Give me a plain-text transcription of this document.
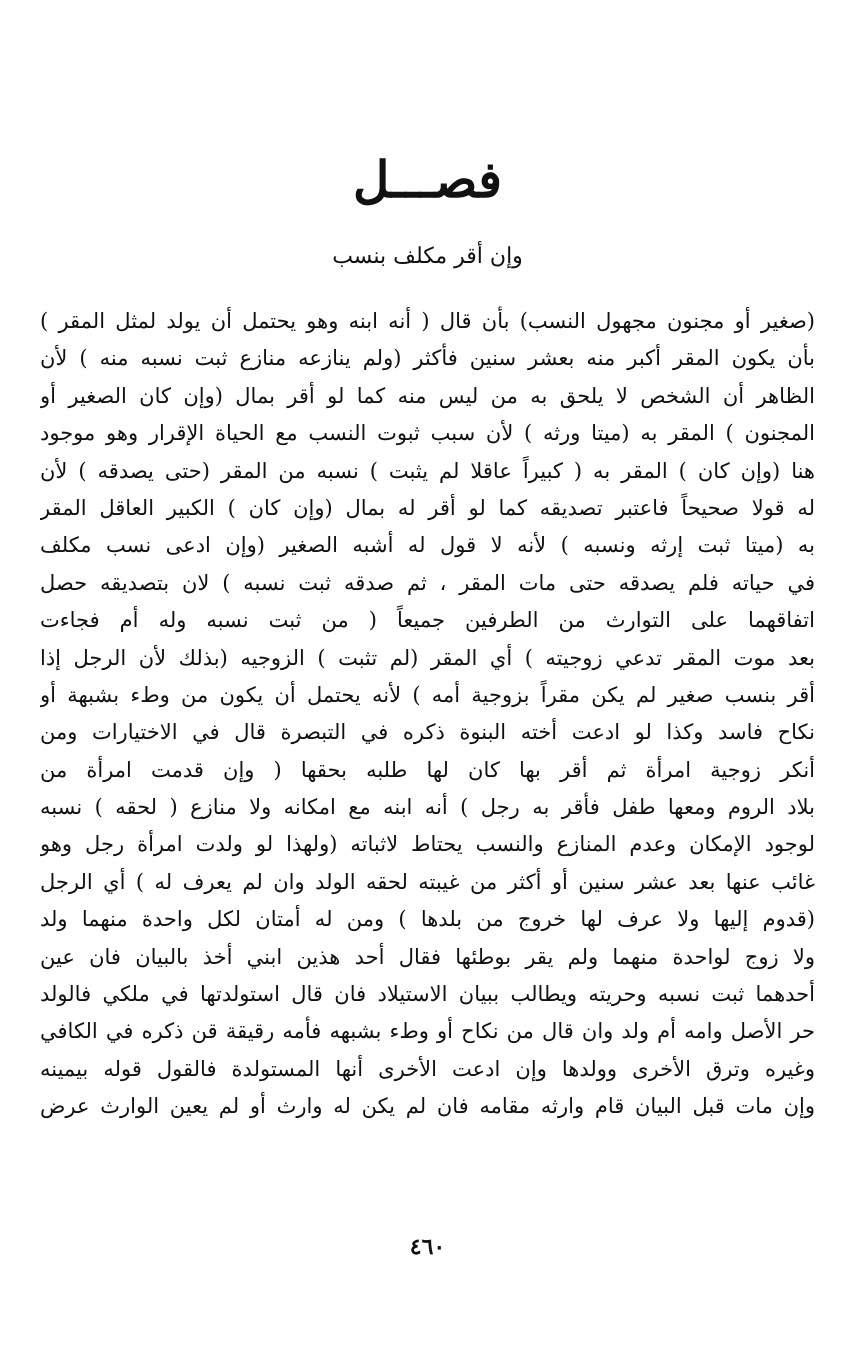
فصـــل
وإن أقر مكلف بنسب
(صغير أو مجنون مجهول النسب) بأن قال ( أنه ابنه وهو يحتمل أن يولد لمثل المقر )
بأن يكون المقر أكبر منه بعشر سنين فأكثر (ولم ينازعه منازع ثبت نسبه منه ) لأن
الظاهر أن الشخص لا يلحق به من ليس منه كما لو أقر بمال (وإن كان الصغير أو
المجنون ) المقر به (ميتا ورثه ) لأن سبب ثبوت النسب مع الحياة الإقرار وهو موجود
هنا (وإن كان ) المقر به ( كبيراً عاقلا لم يثبت ) نسبه من المقر (حتى يصدقه ) لأن
له قولا صحيحاً فاعتبر تصديقه كما لو أقر له بمال (وإن كان ) الكبير العاقل المقر
به (ميتا ثبت إرثه ونسبه ) لأنه لا قول له أشبه الصغير (وإن ادعى نسب مكلف
في حياته فلم يصدقه حتى مات المقر ، ثم صدقه ثبت نسبه ) لان بتصديقه حصل
اتفاقهما على التوارث من الطرفين جميعاً ( من ثبت نسبه وله أم فجاءت
بعد موت المقر تدعي زوجيته ) أي المقر (لم تثبت ) الزوجيه (بذلك لأن الرجل إذا
أقر بنسب صغير لم يكن مقراً بزوجية أمه ) لأنه يحتمل أن يكون من وطء بشبهة أو
نكاح فاسد وكذا لو ادعت أخته البنوة ذكره في التبصرة قال في الاختيارات ومن
أنكر زوجية امرأة ثم أقر بها كان لها طلبه بحقها ( وإن قدمت امرأة من
بلاد الروم ومعها طفل فأقر به رجل ) أنه ابنه مع امكانه ولا منازع ( لحقه ) نسبه
لوجود الإمكان وعدم المنازع والنسب يحتاط لاثباته (ولهذا لو ولدت امرأة رجل وهو
غائب عنها بعد عشر سنين أو أكثر من غيبته لحقه الولد وان لم يعرف له ) أي الرجل
(قدوم إليها ولا عرف لها خروج من بلدها ) ومن له أمتان لكل واحدة منهما ولد
ولا زوج لواحدة منهما ولم يقر بوطئها فقال أحد هذين ابني أخذ بالبيان فان عين
أحدهما ثبت نسبه وحريته ويطالب ببيان الاستيلاد فان قال استولدتها في ملكي فالولد
حر الأصل وامه أم ولد وان قال من نكاح أو وطء بشبهه فأمه رقيقة قن ذكره في الكافي
وغيره وترق الأخرى وولدها وإن ادعت الأخرى أنها المستولدة فالقول قوله بيمينه
وإن مات قبل البيان قام وارثه مقامه فان لم يكن له وارث أو لم يعين الوارث عرض
٤٦٠
